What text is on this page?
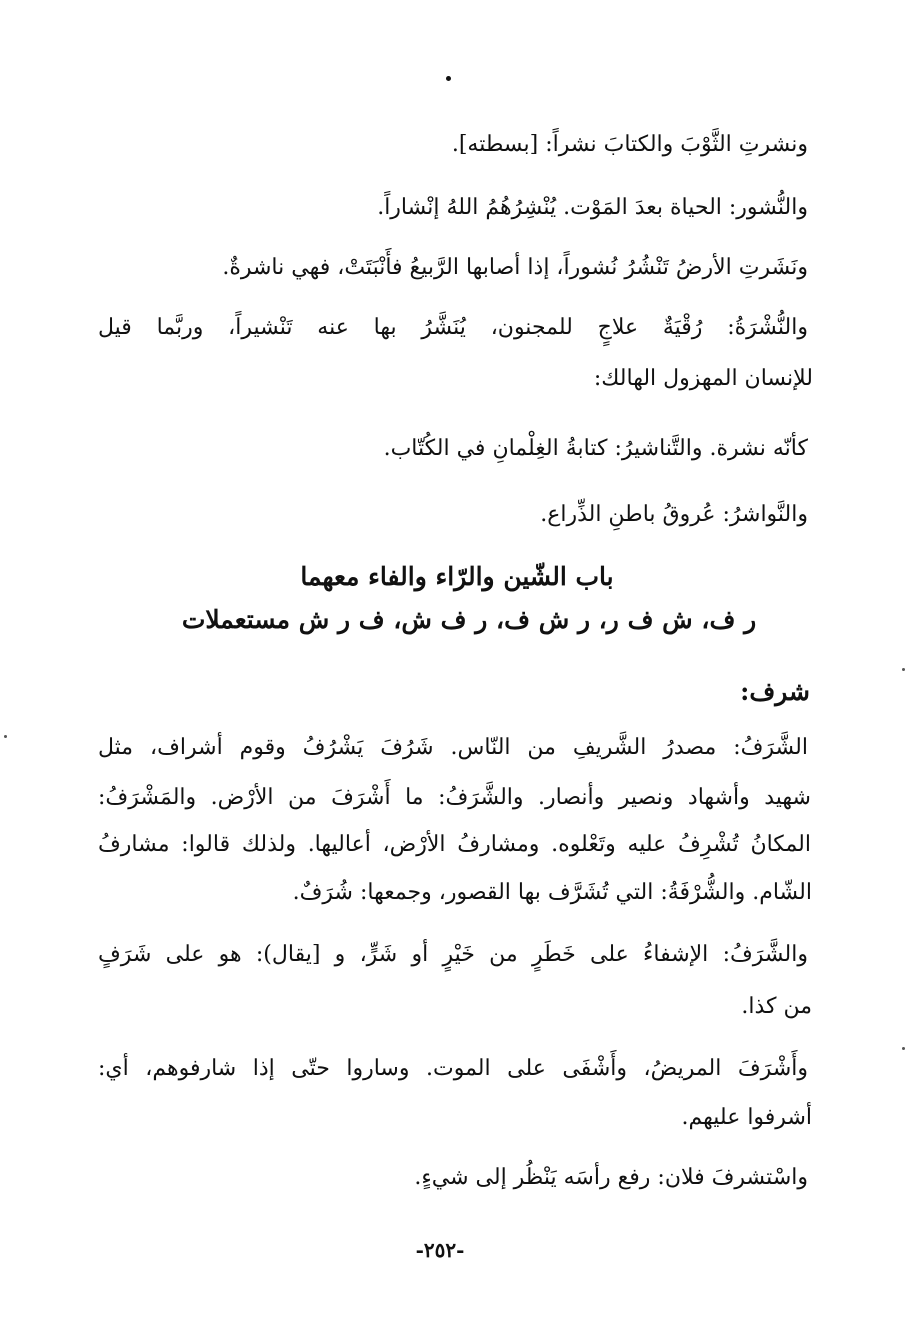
ونشرتِ الثَّوْبَ والكتابَ نشراً: [بسطته].
والنُّشور: الحياة بعدَ المَوْت. يُنْشِرُهُمُ اللهُ إنْشاراً.
ونَشَرتِ الأرضُ تَنْشُرُ نُشوراً، إذا أصابها الرَّبيعُ فأَنْبَتَتْ، فهي ناشرةٌ.
والنُّشْرَةُ: رُقْيَةٌ علاجٍ للمجنون، يُنَشَّرُ بها عنه تَنْشيراً، وربَّما قيل
للإنسان المهزول الهالك:
كأنّه نشرة. والتَّناشيرُ: كتابةُ الغِلْمانِ في الكُتّاب.
والنَّواشرُ: عُروقُ باطنِ الذِّراع.
باب الشّين والرّاء والفاء معهما
ر ف، ش ف ر، ر ش ف، ر ف ش، ف ر ش مستعملات
شرف:
الشَّرَفُ: مصدرُ الشَّريفِ من النّاس. شَرُفَ يَشْرُفُ وقوم أشراف، مثل
شهيد وأشهاد ونصير وأنصار. والشَّرَفُ: ما أَشْرَفَ من الأرْض. والمَشْرَفُ:
المكانُ تُشْرِفُ عليه وتَعْلوه. ومشارفُ الأرْض، أعاليها. ولذلك قالوا: مشارفُ
الشّام. والشُّرْفَةُ: التي تُشَرَّف بها القصور، وجمعها: شُرَفٌ.
والشَّرَفُ: الإشفاءُ على خَطَرٍ من خَيْرٍ أو شَرٍّ، و [يقال): هو على شَرَفٍ
من كذا.
وأَشْرَفَ المريضُ، وأَشْفَى على الموت. وساروا حتّى إذا شارفوهم، أي:
أشرفوا عليهم.
واسْتشرفَ فلان: رفع رأسَه يَنْظُر إلى شيءٍ.
-٢٥٢-
